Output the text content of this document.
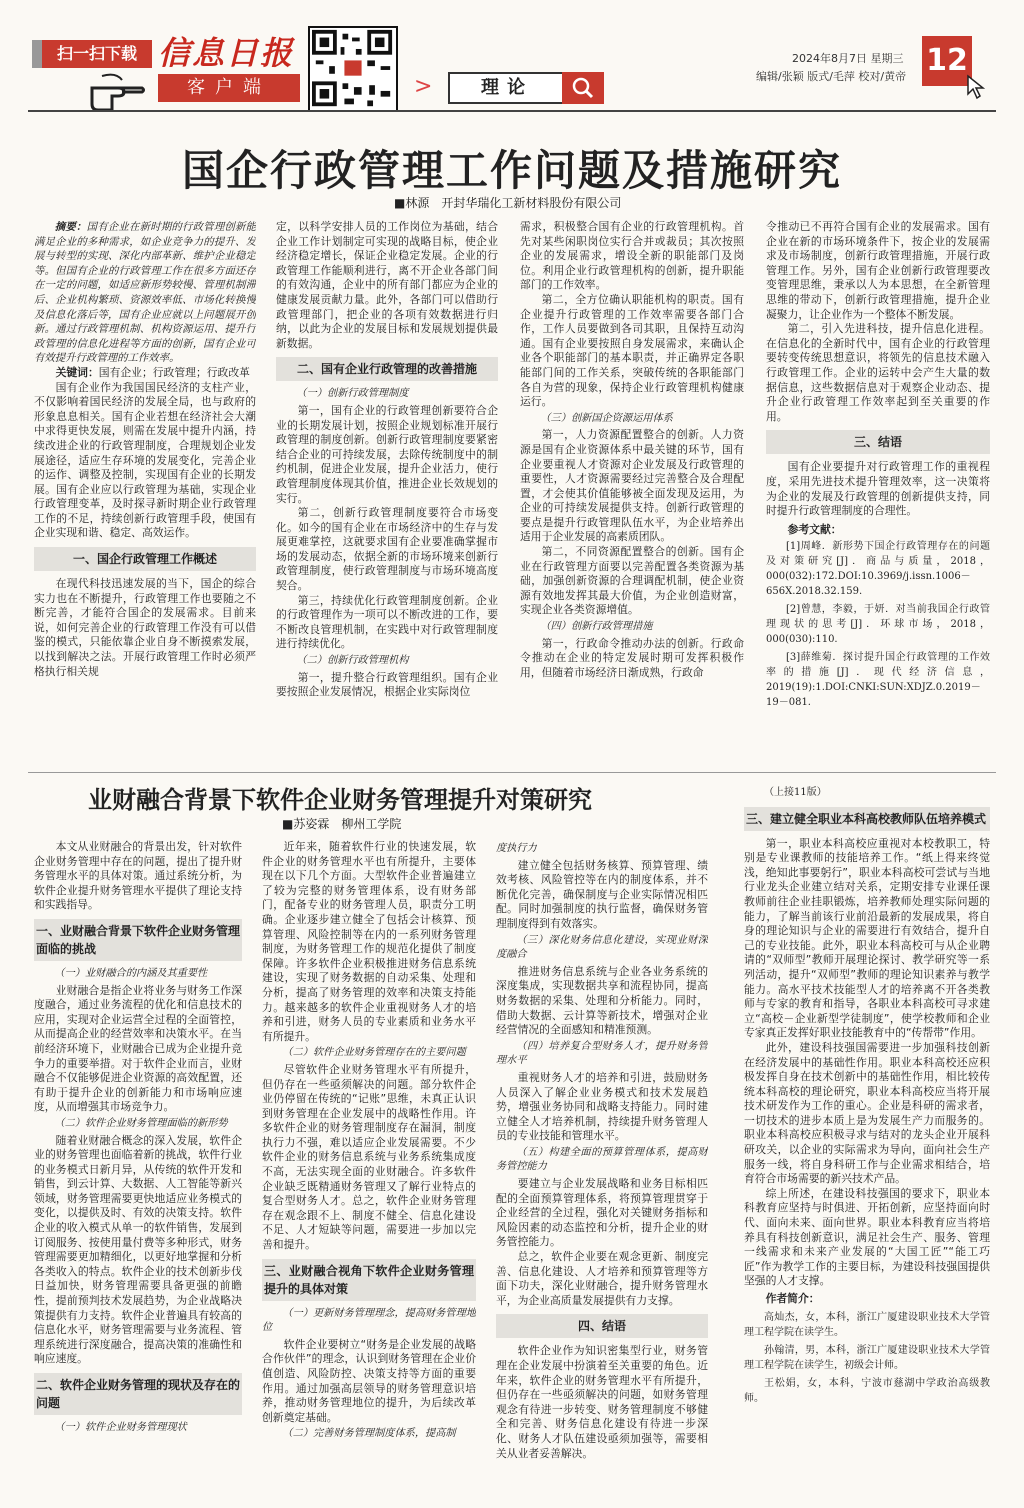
扫一扫下载 信息日报
客户端	>	理论
2024年8月7日 星期三
编辑/张颖 版式/毛萍 校对/黄帝 12
国企行政管理工作问题及措施研究
■林源　开封华瑞化工新材料股份有限公司

摘要：国有企业在新时期的行政管理创新能满足企业的多种需求，如企业竞争力的提升、发展与转型的实现、深化内部革新、维护企业稳定等。但国有企业的行政管理工作在很多方面还存在一定的问题，如适应新形势较慢、管理机制滞后、企业机构繁琐、资源效率低、市场化转换慢及信息化落后等，国有企业应就以上问题展开创新。通过行政管理机制、机构资源运用、提升行政管理的信息化进程等方面的创新，国有企业可有效提升行政管理的工作效率。

关键词：国有企业；行政管理；行政改革

国有企业作为我国国民经济的支柱产业，不仅影响着国民经济的发展全局，也与政府的形象息息相关。国有企业若想在经济社会大潮中求得更快发展，则需在发展中提升内涵，持续改进企业的行政管理制度，合理规划企业发展途径，适应生存环境的发展变化，完善企业的运作、调整及控制，实现国有企业的长期发展。国有企业应以行政管理为基础，实现企业行政管理变革，及时探寻新时期企业行政管理工作的不足，持续创新行政管理手段，使国有企业实现和谐、稳定、高效运作。

一、国企行政管理工作概述

在现代科技迅速发展的当下，国企的综合实力也在不断提升，行政管理工作也要随之不断完善，才能符合国企的发展需求。目前来说，如何完善企业的行政管理工作没有可以借鉴的模式，只能依靠企业自身不断摸索发展，以找到解决之法。开展行政管理工作时必须严格执行相关规

定，以科学安排人员的工作岗位为基础，结合企业工作计划制定可实现的战略目标，使企业经济稳定增长，保证企业稳定发展。企业的行政管理工作能顺利进行，离不开企业各部门间的有效沟通，企业中的所有部门都应为企业的健康发展贡献力量。此外，各部门可以借助行政管理部门，把企业的各项有效数据进行归纳，以此为企业的发展目标和发展规划提供最新数据。

二、国有企业行政管理的改善措施

（一）创新行政管理制度

第一，国有企业的行政管理创新要符合企业的长期发展计划，按照企业规划标准开展行政管理的制度创新。创新行政管理制度要紧密结合企业的可持续发展，去除传统制度中的制约机制，促进企业发展，提升企业活力，使行政管理制度体现其价值，推进企业长效规划的实行。

第二，创新行政管理制度要符合市场变化。如今的国有企业在市场经济中的生存与发展更难掌控，这就要求国有企业要准确掌握市场的发展动态，依据全新的市场环境来创新行政管理制度，使行政管理制度与市场环境高度契合。

第三，持续优化行政管理制度创新。企业的行政管理作为一项可以不断改进的工作，要不断改良管理机制，在实践中对行政管理制度进行持续优化。

（二）创新行政管理机构

第一，提升整合行政管理组织。国有企业要按照企业发展情况，根据企业实际岗位

需求，积极整合国有企业的行政管理机构。首先对某些闲职岗位实行合并或裁员；其次按照企业的发展需求，增设全新的职能部门及岗位。利用企业行政管理机构的创新，提升职能部门的工作效率。

第二，全方位确认职能机构的职责。国有企业提升行政管理的工作效率需要各部门合作，工作人员要做到各司其职，且保持互动沟通。国有企业要按照自身发展需求，来确认企业各个职能部门的基本职责，并正确界定各职能部门间的工作关系，突破传统的各职能部门各自为营的现象，保持企业行政管理机构健康运行。

（三）创新国企资源运用体系

第一，人力资源配置整合的创新。人力资源是国有企业资源体系中最关键的环节，国有企业要重视人才资源对企业发展及行政管理的重要性，人才资源需要经过完善整合及合理配置，才会使其价值能够被全面发现及运用，为企业的可持续发展提供支持。创新行政管理的要点是提升行政管理队伍水平，为企业培养出适用于企业发展的高素质团队。

第二，不同资源配置整合的创新。国有企业在行政管理方面要以完善配置各类资源为基础，加强创新资源的合理调配机制，使企业资源有效地发挥其最大价值，为企业创造财富，实现企业各类资源增值。

（四）创新行政管理措施

第一，行政命令推动办法的创新。行政命令推动在企业的特定发展时期可发挥积极作用，但随着市场经济日渐成熟，行政命

令推动已不再符合国有企业的发展需求。国有企业在新的市场环境条件下，按企业的发展需求及市场制度，创新行政管理措施，开展行政管理工作。另外，国有企业创新行政管理要改变管理思维，秉承以人为本思想，在全新管理思维的带动下，创新行政管理措施，提升企业凝聚力，让企业作为一个整体不断发展。

第二，引入先进科技，提升信息化进程。在信息化的全新时代中，国有企业的行政管理要转变传统思想意识，将领先的信息技术融入行政管理工作。企业的运转中会产生大量的数据信息，这些数据信息对于观察企业动态、提升企业行政管理工作效率起到至关重要的作用。

三、结语

国有企业要提升对行政管理工作的重视程度，采用先进技术提升管理效率，这一决策将为企业的发展及行政管理的创新提供支持，同时提升行政管理制度的合理性。

参考文献：

[1]周峰．新形势下国企行政管理存在的问题及对策研究[J]．商品与质量，2018，000(032):172.DOI:10.3969/j.issn.1006－656X.2018.32.159.

[2]曾慧，李毅，于妍．对当前我国企行政管理现状的思考[J]．环球市场，2018，000(030):110.

[3]薛维菊．探讨提升国企行政管理的工作效率的措施[J]．现代经济信息，2019(19):1.DOI:CNKI:SUN:XDJZ.0.2019－19－081.

业财融合背景下软件企业财务管理提升对策研究
■苏姿霖　柳州工学院

本文从业财融合的背景出发，针对软件企业财务管理中存在的问题，提出了提升财务管理水平的具体对策。通过系统分析，为软件企业提升财务管理水平提供了理论支持和实践指导。

一、业财融合背景下软件企业财务管理面临的挑战

（一）业财融合的内涵及其重要性

业财融合是指企业将业务与财务工作深度融合，通过业务流程的优化和信息技术的应用，实现对企业运营全过程的全面管控，从而提高企业的经营效率和决策水平。在当前经济环境下，业财融合已成为企业提升竞争力的重要举措。对于软件企业而言，业财融合不仅能够促进企业资源的高效配置，还有助于提升企业的创新能力和市场响应速度，从而增强其市场竞争力。

（二）软件企业财务管理面临的新形势

随着业财融合概念的深入发展，软件企业的财务管理也面临着新的挑战，软件行业的业务模式日新月异，从传统的软件开发和销售，到云计算、大数据、人工智能等新兴领域，财务管理需要更快地适应业务模式的变化，以提供及时、有效的决策支持。软件企业的收入模式从单一的软件销售，发展到订阅服务、按使用量付费等多种形式，财务管理需要更加精细化，以更好地掌握和分析各类收入的特点。软件企业的技术创新步伐日益加快，财务管理需要具备更强的前瞻性，提前预判技术发展趋势，为企业战略决策提供有力支持。软件企业普遍具有较高的信息化水平，财务管理需要与业务流程、管理系统进行深度融合，提高决策的准确性和响应速度。

二、软件企业财务管理的现状及存在的问题

（一）软件企业财务管理现状

近年来，随着软件行业的快速发展，软件企业的财务管理水平也有所提升，主要体现在以下几个方面。大型软件企业普遍建立了较为完整的财务管理体系，设有财务部门，配备专业的财务管理人员，职责分工明确。企业逐步建立健全了包括会计核算、预算管理、风险控制等在内的一系列财务管理制度，为财务管理工作的规范化提供了制度保障。许多软件企业积极推进财务信息系统建设，实现了财务数据的自动采集、处理和分析，提高了财务管理的效率和决策支持能力。越来越多的软件企业重视财务人才的培养和引进，财务人员的专业素质和业务水平有所提升。

（二）软件企业财务管理存在的主要问题

尽管软件企业财务管理水平有所提升，但仍存在一些亟须解决的问题。部分软件企业仍停留在传统的“记账”思维，未真正认识到财务管理在企业发展中的战略性作用。许多软件企业的财务管理制度存在漏洞，制度执行力不强，难以适应企业发展需要。不少软件企业的财务信息系统与业务系统集成度不高，无法实现全面的业财融合。许多软件企业缺乏既精通财务管理又了解行业特点的复合型财务人才。总之，软件企业财务管理存在观念跟不上、制度不健全、信息化建设不足、人才短缺等问题，需要进一步加以完善和提升。

三、业财融合视角下软件企业财务管理提升的具体对策

（一）更新财务管理理念，提高财务管理地位

软件企业要树立“财务是企业发展的战略合作伙伴”的理念，认识到财务管理在企业价值创造、风险防控、决策支持等方面的重要作用。通过加强高层领导的财务管理意识培养，推动财务管理地位的提升，为后续改革创新奠定基础。

（二）完善财务管理制度体系，提高制

度执行力

建立健全包括财务核算、预算管理、绩效考核、风险管控等在内的制度体系，并不断优化完善，确保制度与企业实际情况相匹配。同时加强制度的执行监督，确保财务管理制度得到有效落实。

（三）深化财务信息化建设，实现业财深度融合

推进财务信息系统与企业各业务系统的深度集成，实现数据共享和流程协同，提高财务数据的采集、处理和分析能力。同时，借助大数据、云计算等新技术，增强对企业经营情况的全面感知和精准预测。

（四）培养复合型财务人才，提升财务管理水平

重视财务人才的培养和引进，鼓励财务人员深入了解企业业务模式和技术发展趋势，增强业务协同和战略支持能力。同时建立健全人才培养机制，持续提升财务管理人员的专业技能和管理水平。

（五）构建全面的预算管理体系，提高财务管控能力

要建立与企业发展战略和业务目标相匹配的全面预算管理体系，将预算管理贯穿于企业经营的全过程，强化对关键财务指标和风险因素的动态监控和分析，提升企业的财务管控能力。

总之，软件企业要在观念更新、制度完善、信息化建设、人才培养和预算管理等方面下功夫，深化业财融合，提升财务管理水平，为企业高质量发展提供有力支撑。

四、结语

软件企业作为知识密集型行业，财务管理在企业发展中扮演着至关重要的角色。近年来，软件企业的财务管理水平有所提升，但仍存在一些亟须解决的问题，如财务管理观念有待进一步转变、财务管理制度不够健全和完善、财务信息化建设有待进一步深化、财务人才队伍建设亟须加强等，需要相关从业者妥善解决。

（上接11版）

三、建立健全职业本科高校教师队伍培养模式

第一，职业本科高校应重视对本校教职工，特别是专业课教师的技能培养工作。“纸上得来终觉浅，绝知此事要躬行”，职业本科高校可尝试与当地行业龙头企业建立结对关系，定期安排专业课任课教师前往企业挂职锻炼，培养教师处理实际问题的能力，了解当前该行业前沿最新的发展成果，将自身的理论知识与企业的需要进行有效结合，提升自己的专业技能。此外，职业本科高校可与从企业聘请的“双师型”教师开展理论探讨、教学研究等一系列活动，提升“双师型”教师的理论知识素养与教学能力。高水平技术技能型人才的培养离不开各类教师与专家的教育和指导，各职业本科高校可寻求建立“高校－企业新型学徒制度”，使学校教师和企业专家真正发挥好职业技能教育中的“传帮带”作用。

此外，建设科技强国需要进一步加强科技创新在经济发展中的基础性作用。职业本科高校还应积极发挥自身在技术创新中的基础性作用，相比较传统本科高校的理论研究，职业本科高校应当将开展技术研发作为工作的重心。企业是科研的需求者，一切技术的进步本质上是为发展生产力而服务的。职业本科高校应积极寻求与结对的龙头企业开展科研攻关，以企业的实际需求为导向，面向社会生产服务一线，将自身科研工作与企业需求相结合，培育符合市场需要的新兴技术产品。

综上所述，在建设科技强国的要求下，职业本科教育应坚持与时俱进、开拓创新，应坚持面向时代、面向未来、面向世界。职业本科教育应当将培养具有科技创新意识，满足社会生产、服务、管理一线需求和未来产业发展的“大国工匠”“能工巧匠”作为教学工作的主要目标，为建设科技强国提供坚强的人才支撑。

作者简介：

高灿杰，女，本科，浙江广厦建设职业技术大学管理工程学院在读学生。

孙翰清，男，本科，浙江广厦建设职业技术大学管理工程学院在读学生，初级会计师。

王松娟，女，本科，宁波市慈湖中学政治高级教师。
